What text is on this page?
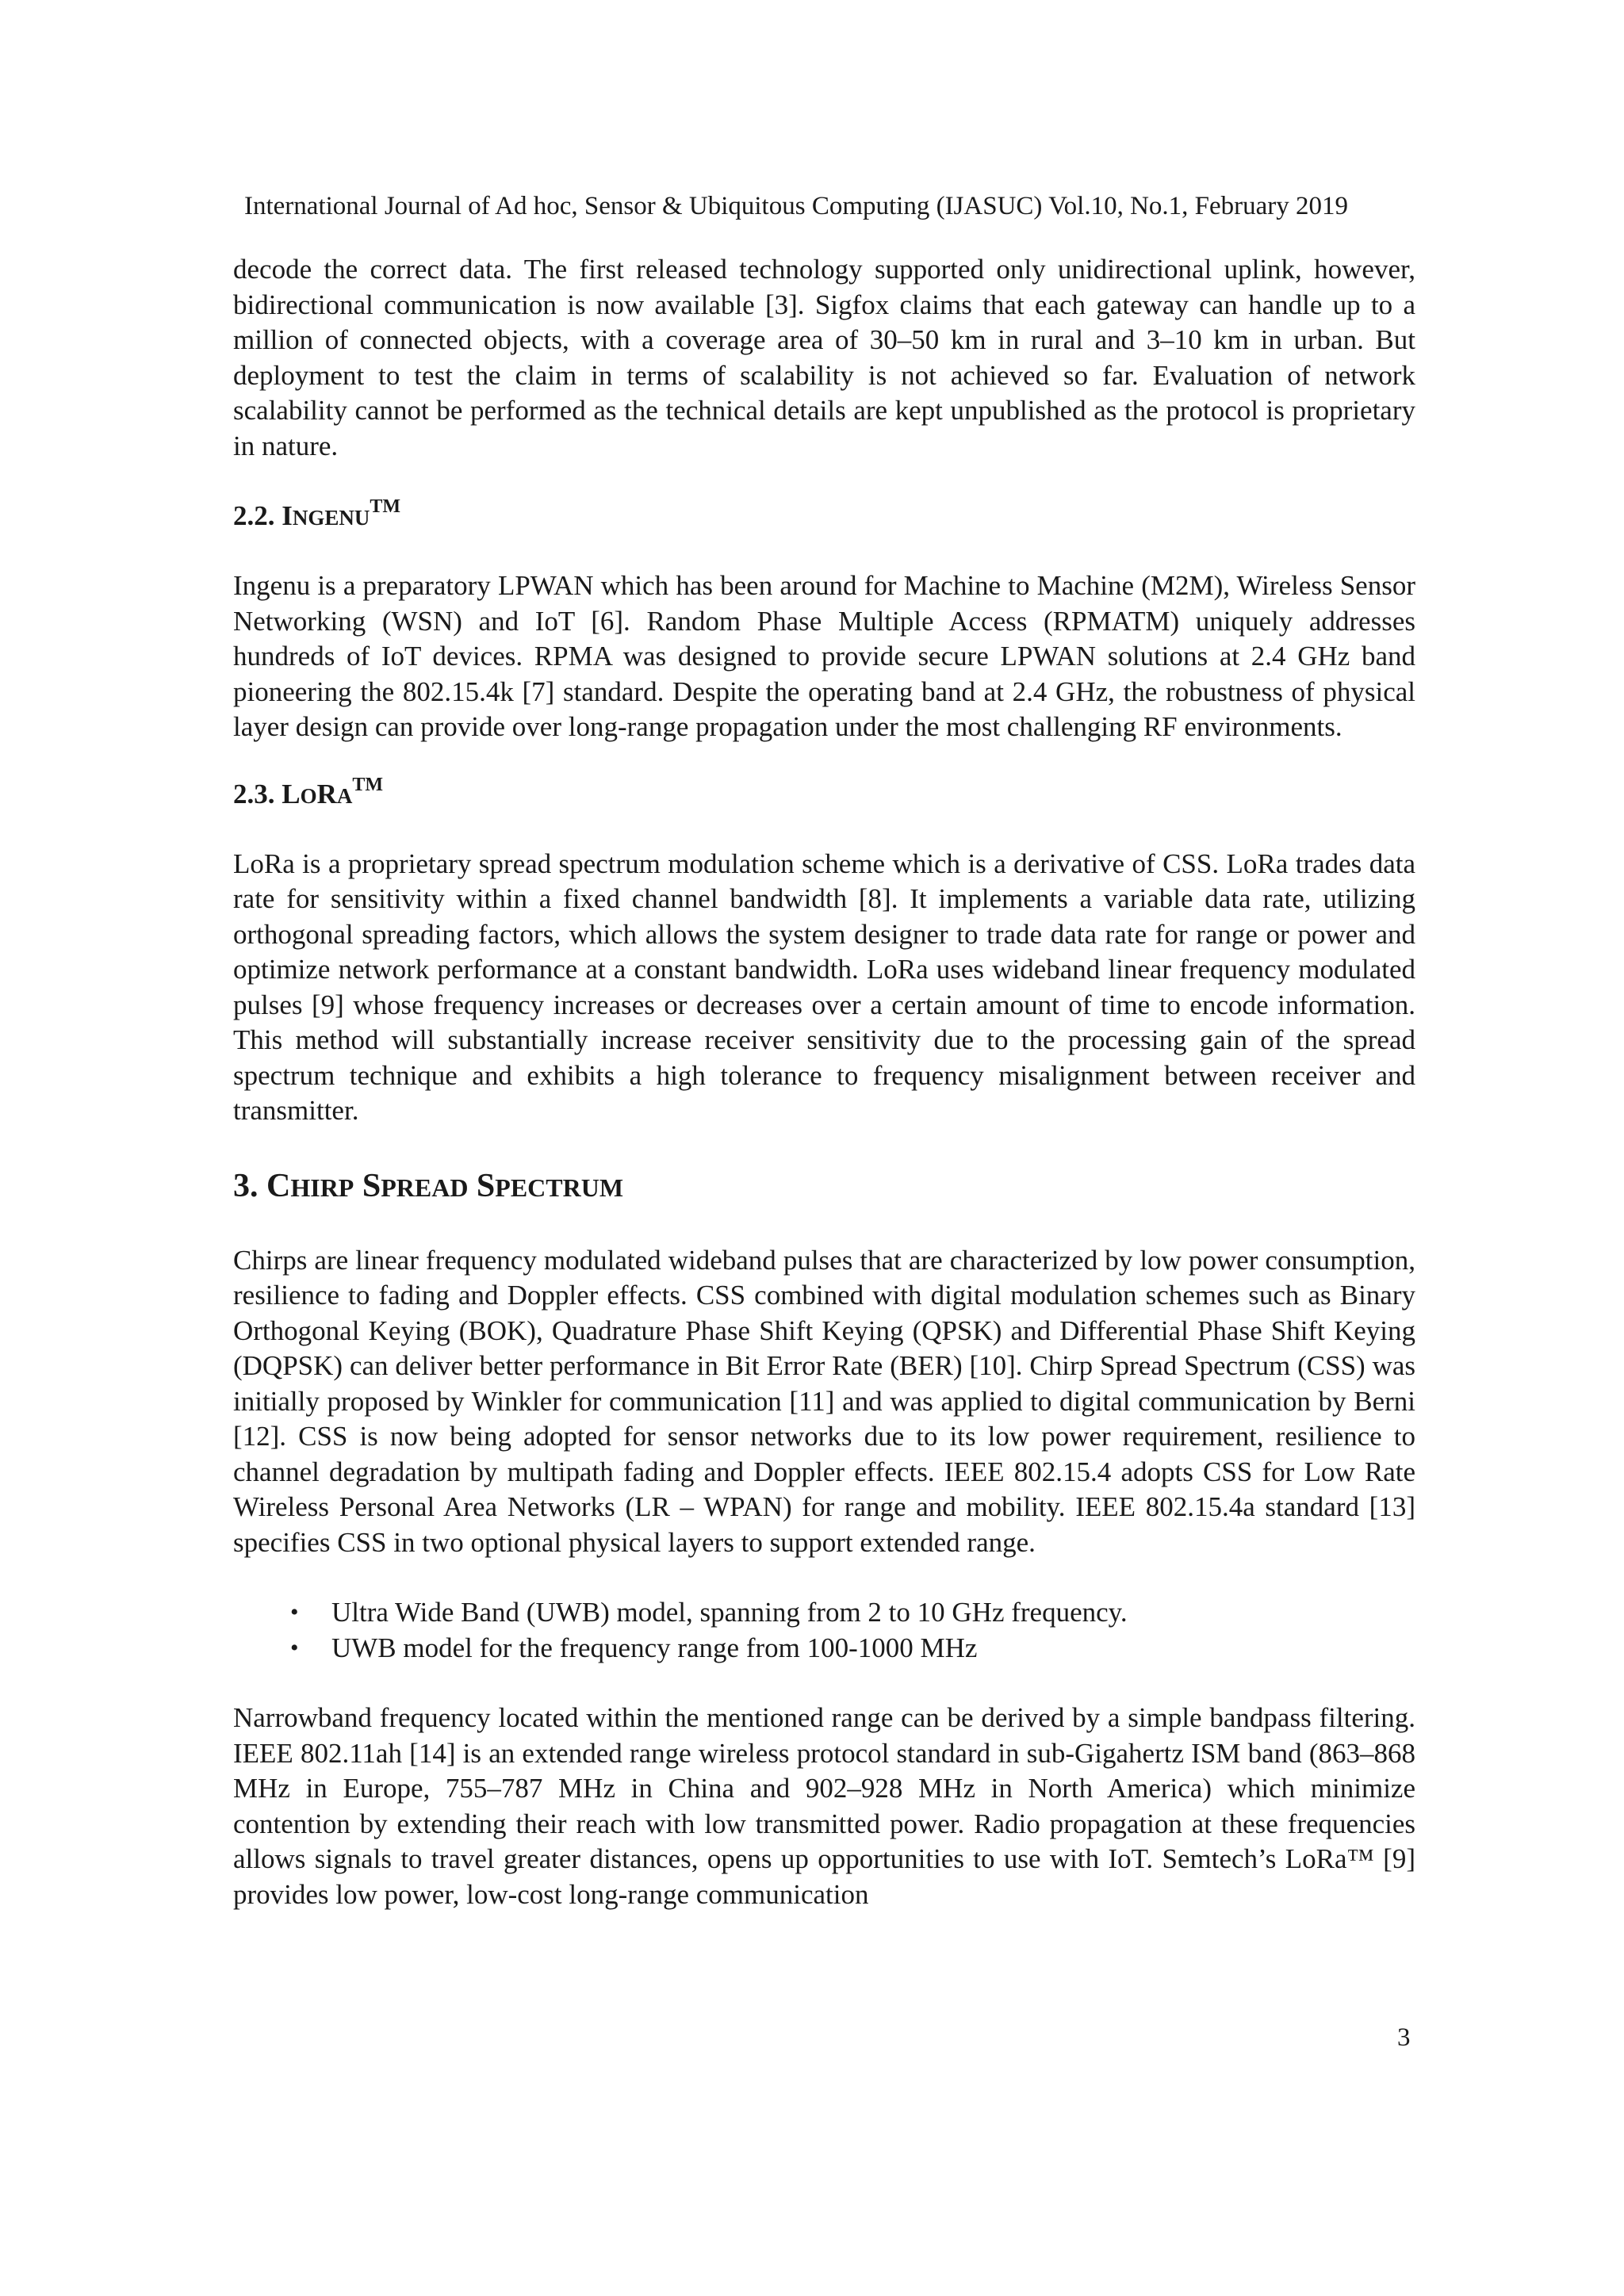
International Journal of Ad hoc, Sensor & Ubiquitous Computing (IJASUC) Vol.10, No.1, February 2019

decode the correct data. The first released technology supported only unidirectional uplink, however, bidirectional communication is now available [3]. Sigfox claims that each gateway can handle up to a million of connected objects, with a coverage area of 30–50 km in rural and 3–10 km in urban. But deployment to test the claim in terms of scalability is not achieved so far. Evaluation of network scalability cannot be performed as the technical details are kept unpublished as the protocol is proprietary in nature.

2.2. INGENU™

Ingenu is a preparatory LPWAN which has been around for Machine to Machine (M2M), Wireless Sensor Networking (WSN) and IoT [6]. Random Phase Multiple Access (RPMATM) uniquely addresses hundreds of IoT devices. RPMA was designed to provide secure LPWAN solutions at 2.4 GHz band pioneering the 802.15.4k [7] standard. Despite the operating band at 2.4 GHz, the robustness of physical layer design can provide over long-range propagation under the most challenging RF environments.

2.3. LORA™

LoRa is a proprietary spread spectrum modulation scheme which is a derivative of CSS. LoRa trades data rate for sensitivity within a fixed channel bandwidth [8]. It implements a variable data rate, utilizing orthogonal spreading factors, which allows the system designer to trade data rate for range or power and optimize network performance at a constant bandwidth. LoRa uses wideband linear frequency modulated pulses [9] whose frequency increases or decreases over a certain amount of time to encode information. This method will substantially increase receiver sensitivity due to the processing gain of the spread spectrum technique and exhibits a high tolerance to frequency misalignment between receiver and transmitter.

3. CHIRP SPREAD SPECTRUM

Chirps are linear frequency modulated wideband pulses that are characterized by low power consumption, resilience to fading and Doppler effects. CSS combined with digital modulation schemes such as Binary Orthogonal Keying (BOK), Quadrature Phase Shift Keying (QPSK) and Differential Phase Shift Keying (DQPSK) can deliver better performance in Bit Error Rate (BER) [10]. Chirp Spread Spectrum (CSS) was initially proposed by Winkler for communication [11] and was applied to digital communication by Berni [12]. CSS is now being adopted for sensor networks due to its low power requirement, resilience to channel degradation by multipath fading and Doppler effects. IEEE 802.15.4 adopts CSS for Low Rate Wireless Personal Area Networks (LR – WPAN) for range and mobility. IEEE 802.15.4a standard [13] specifies CSS in two optional physical layers to support extended range.

• Ultra Wide Band (UWB) model, spanning from 2 to 10 GHz frequency.
• UWB model for the frequency range from 100-1000 MHz

Narrowband frequency located within the mentioned range can be derived by a simple bandpass filtering. IEEE 802.11ah [14] is an extended range wireless protocol standard in sub-Gigahertz ISM band (863–868 MHz in Europe, 755–787 MHz in China and 902–928 MHz in North America) which minimize contention by extending their reach with low transmitted power. Radio propagation at these frequencies allows signals to travel greater distances, opens up opportunities to use with IoT. Semtech’s LoRa™ [9] provides low power, low-cost long-range communication

3
